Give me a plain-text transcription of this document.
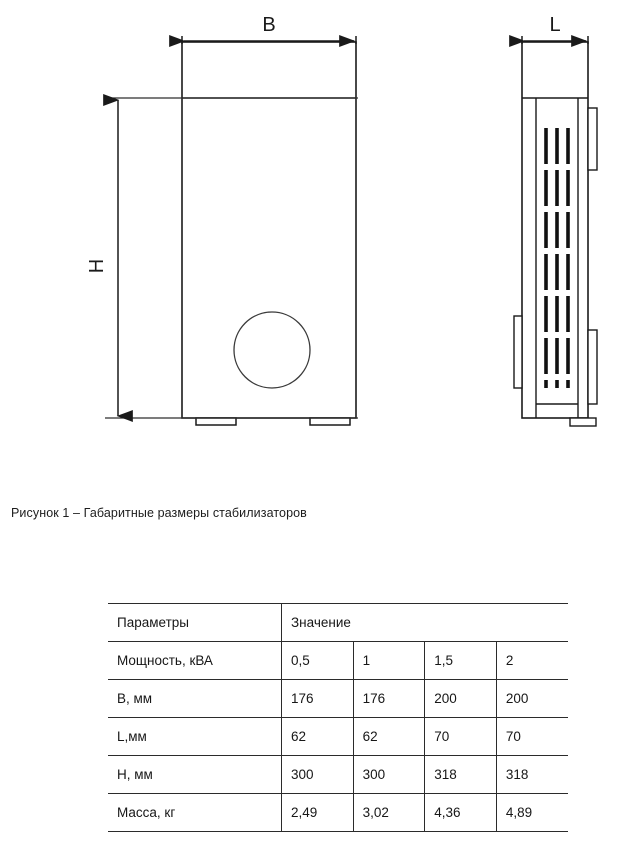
B
H
L
Рисунок 1 – Габаритные размеры стабилизаторов
Параметры	Значение			
Мощность, кВА	0,5	1	1,5	2
B, мм	176	176	200	200
L,мм	62	62	70	70
H, мм	300	300	318	318
Масса, кг	2,49	3,02	4,36	4,89
